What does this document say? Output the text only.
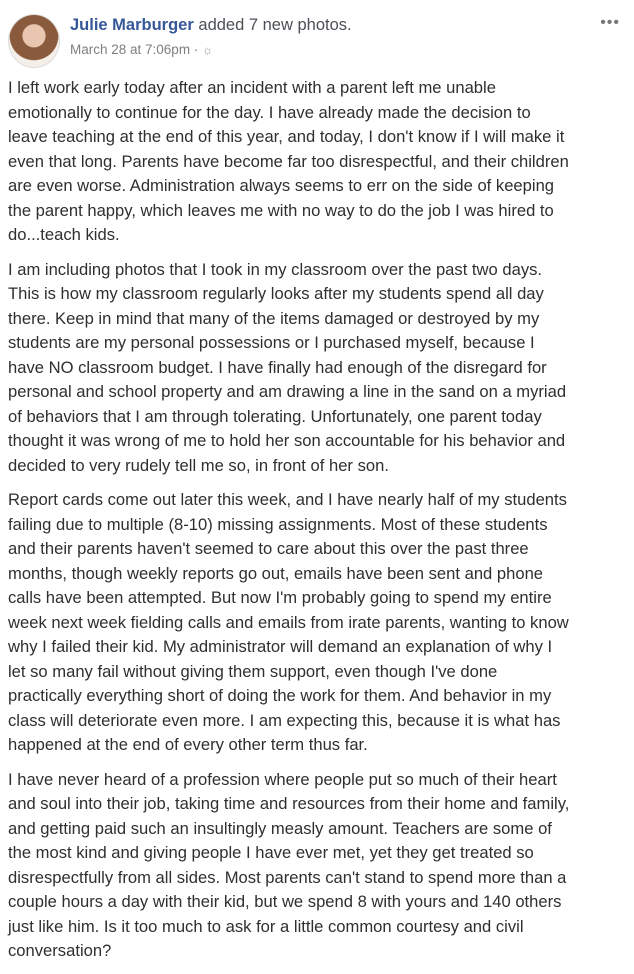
Julie Marburger added 7 new photos.
March 28 at 7:06pm · ☼
•••
I left work early today after an incident with a parent left me unable
emotionally to continue for the day. I have already made the decision to
leave teaching at the end of this year, and today, I don't know if I will make it
even that long. Parents have become far too disrespectful, and their children
are even worse. Administration always seems to err on the side of keeping
the parent happy, which leaves me with no way to do the job I was hired to
do...teach kids.
I am including photos that I took in my classroom over the past two days.
This is how my classroom regularly looks after my students spend all day
there. Keep in mind that many of the items damaged or destroyed by my
students are my personal possessions or I purchased myself, because I
have NO classroom budget. I have finally had enough of the disregard for
personal and school property and am drawing a line in the sand on a myriad
of behaviors that I am through tolerating. Unfortunately, one parent today
thought it was wrong of me to hold her son accountable for his behavior and
decided to very rudely tell me so, in front of her son.
Report cards come out later this week, and I have nearly half of my students
failing due to multiple (8-10) missing assignments. Most of these students
and their parents haven't seemed to care about this over the past three
months, though weekly reports go out, emails have been sent and phone
calls have been attempted. But now I'm probably going to spend my entire
week next week fielding calls and emails from irate parents, wanting to know
why I failed their kid. My administrator will demand an explanation of why I
let so many fail without giving them support, even though I've done
practically everything short of doing the work for them. And behavior in my
class will deteriorate even more. I am expecting this, because it is what has
happened at the end of every other term thus far.
I have never heard of a profession where people put so much of their heart
and soul into their job, taking time and resources from their home and family,
and getting paid such an insultingly measly amount. Teachers are some of
the most kind and giving people I have ever met, yet they get treated so
disrespectfully from all sides. Most parents can't stand to spend more than a
couple hours a day with their kid, but we spend 8 with yours and 140 others
just like him. Is it too much to ask for a little common courtesy and civil
conversation?
